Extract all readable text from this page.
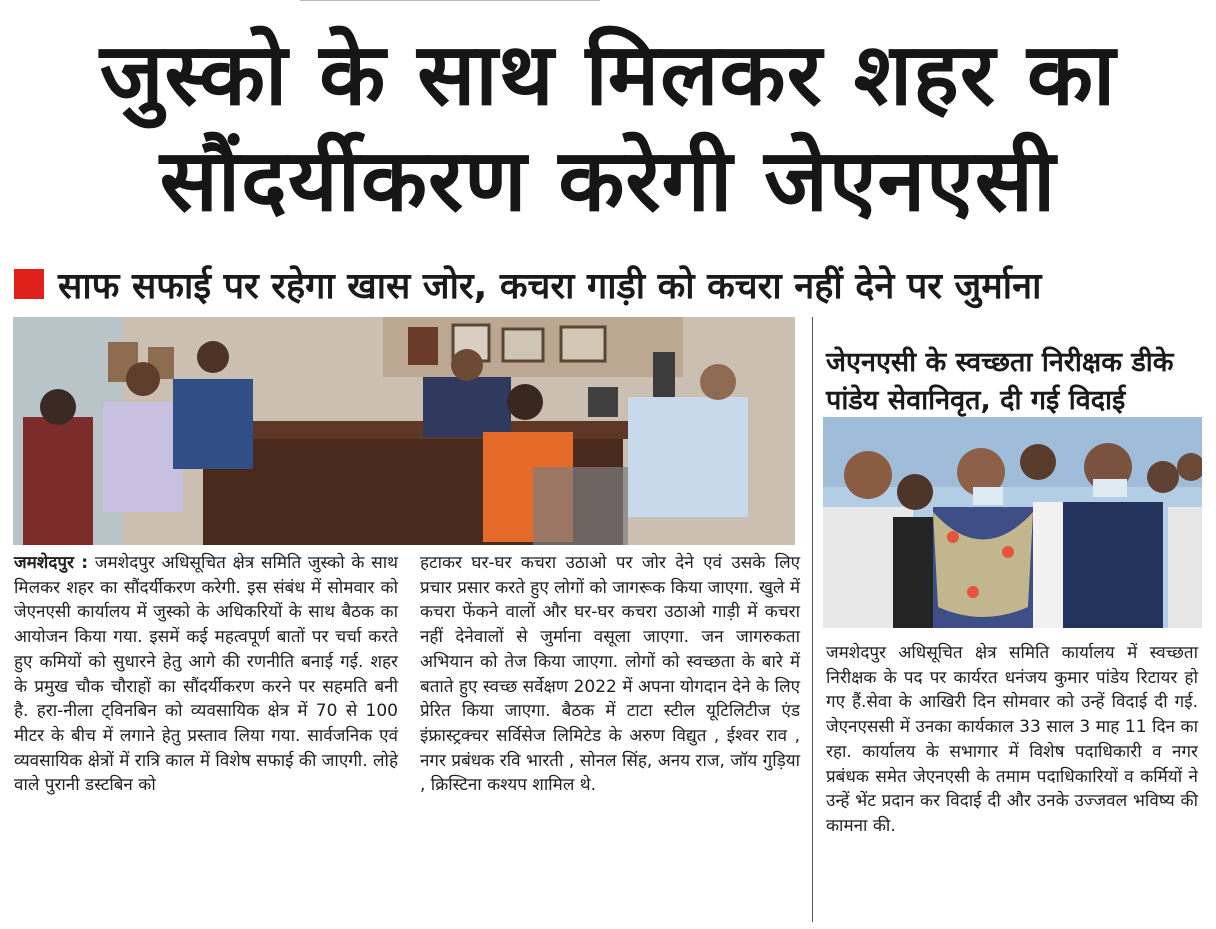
जुस्को के साथ मिलकर शहर का
सौंदर्यीकरण करेगी जेएनएसी
साफ सफाई पर रहेगा खास जोर, कचरा गाड़ी को कचरा नहीं देने पर जुर्माना
जेएनएसी के स्वच्छता निरीक्षक डीके पांडेय सेवानिवृत, दी गई विदाई
जमशेदपुर : जमशेदपुर अधिसूचित क्षेत्र समिति जुस्को के साथ मिलकर शहर का सौंदर्यीकरण करेगी. इस संबंध में सोमवार को जेएनएसी कार्यालय में जुस्को के अधिकरियों के साथ बैठक का आयोजन किया गया. इसमें कई महत्वपूर्ण बातों पर चर्चा करते हुए कमियों को सुधारने हेतु आगे की रणनीति बनाई गई. शहर के प्रमुख चौक चौराहों का सौंदर्यीकरण करने पर सहमति बनी है. हरा-नीला ट्विनबिन को व्यवसायिक क्षेत्र में 70 से 100 मीटर के बीच में लगाने हेतु प्रस्ताव लिया गया. सार्वजनिक एवं व्यवसायिक क्षेत्रों में रात्रि काल में विशेष सफाई की जाएगी. लोहे वाले पुरानी डस्टबिन को
हटाकर घर-घर कचरा उठाओ पर जोर देने एवं उसके लिए प्रचार प्रसार करते हुए लोगों को जागरूक किया जाएगा. खुले में कचरा फेंकने वालों और घर-घर कचरा उठाओ गाड़ी में कचरा नहीं देनेवालों से जुर्माना वसूला जाएगा. जन जागरुकता अभियान को तेज किया जाएगा. लोगों को स्वच्छता के बारे में बताते हुए स्वच्छ सर्वेक्षण 2022 में अपना योगदान देने के लिए प्रेरित किया जाएगा. बैठक में टाटा स्टील यूटिलिटीज एंड इंफ्रास्ट्रक्चर सर्विसेज लिमिटेड के अरुण विद्युत , ईश्वर राव , नगर प्रबंधक रवि भारती , सोनल सिंह, अनय राज, जॉय गुड़िया , क्रिस्टिना कश्यप शामिल थे.
जमशेदपुर अधिसूचित क्षेत्र समिति कार्यालय में स्वच्छता निरीक्षक के पद पर कार्यरत धनंजय कुमार पांडेय रिटायर हो गए हैं.सेवा के आखिरी दिन सोमवार को उन्हें विदाई दी गई. जेएनएससी में उनका कार्यकाल 33 साल 3 माह 11 दिन का रहा. कार्यालय के सभागार में विशेष पदाधिकारी व नगर प्रबंधक समेत जेएनएसी के तमाम पदाधिकारियों व कर्मियों ने उन्हें भेंट प्रदान कर विदाई दी और उनके उज्जवल भविष्य की कामना की.
